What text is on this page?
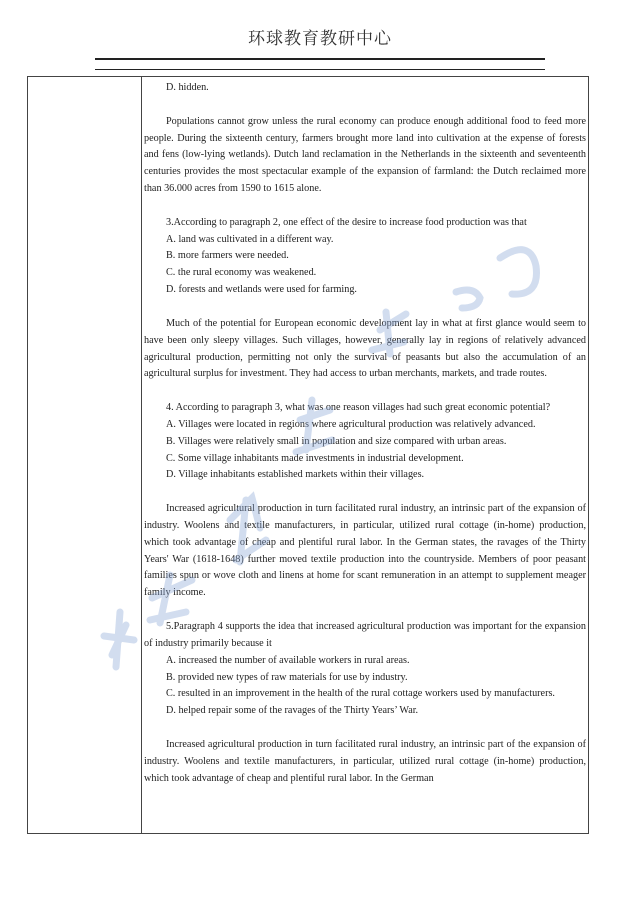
环球教育教研中心

D. hidden.

Populations cannot grow unless the rural economy can produce enough additional food to feed more people. During the sixteenth century, farmers brought more land into cultivation at the expense of forests and fens (low-lying wetlands). Dutch land reclamation in the Netherlands in the sixteenth and seventeenth centuries provides the most spectacular example of the expansion of farmland: the Dutch reclaimed more than 36.000 acres from 1590 to 1615 alone.

3.According to paragraph 2, one effect of the desire to increase food production was that

A. land was cultivated in a different way.

B. more farmers were needed.

C. the rural economy was weakened.

D. forests and wetlands were used for farming.

Much of the potential for European economic development lay in what at first glance would seem to have been only sleepy villages. Such villages, however, generally lay in regions of relatively advanced agricultural production, permitting not only the survival of peasants but also the accumulation of an agricultural surplus for investment. They had access to urban merchants, markets, and trade routes.

4. According to paragraph 3, what was one reason villages had such great economic potential?

A. Villages were located in regions where agricultural production was relatively advanced.

B. Villages were relatively small in population and size compared with urban areas.

C. Some village inhabitants made investments in industrial development.

D. Village inhabitants established markets within their villages.

Increased agricultural production in turn facilitated rural industry, an intrinsic part of the expansion of industry. Woolens and textile manufacturers, in particular, utilized rural cottage (in-home) production, which took advantage of cheap and plentiful rural labor. In the German states, the ravages of the Thirty Years' War (1618-1648) further moved textile production into the countryside. Members of poor peasant families spun or wove cloth and linens at home for scant remuneration in an attempt to supplement meager family income.

5.Paragraph 4 supports the idea that increased agricultural production was important for the expansion of industry primarily because it

A. increased the number of available workers in rural areas.

B. provided new types of raw materials for use by industry.

C. resulted in an improvement in the health of the rural cottage workers used by manufacturers.

D. helped repair some of the ravages of the Thirty Years’ War.

Increased agricultural production in turn facilitated rural industry, an intrinsic part of the expansion of industry. Woolens and textile manufacturers, in particular, utilized rural cottage (in-home) production, which took advantage of cheap and plentiful rural labor. In the German
